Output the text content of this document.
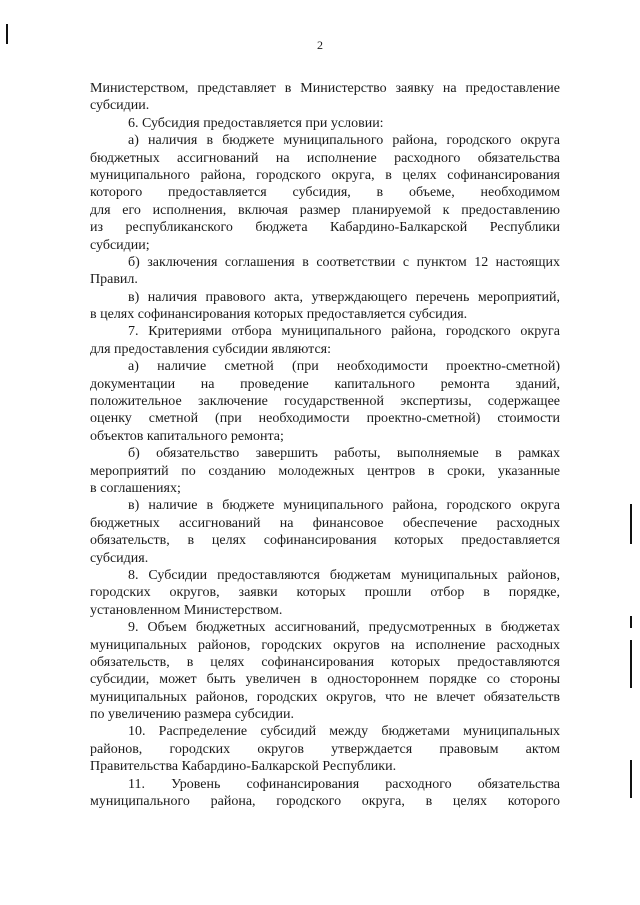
2
Министерством, представляет в Министерство заявку на предоставление
субсидии.
6. Субсидия предоставляется при условии:
а) наличия в бюджете муниципального района, городского округа
бюджетных ассигнований на исполнение расходного обязательства
муниципального района, городского округа, в целях софинансирования
которого предоставляется субсидия, в объеме, необходимом
для его исполнения, включая размер планируемой к предоставлению
из республиканского бюджета Кабардино-Балкарской Республики
субсидии;
б) заключения соглашения в соответствии с пунктом 12 настоящих
Правил.
в) наличия правового акта, утверждающего перечень мероприятий,
в целях софинансирования которых предоставляется субсидия.
7. Критериями отбора муниципального района, городского округа
для предоставления субсидии являются:
а) наличие сметной (при необходимости проектно-сметной)
документации на проведение капитального ремонта зданий,
положительное заключение государственной экспертизы, содержащее
оценку сметной (при необходимости проектно-сметной) стоимости
объектов капитального ремонта;
б) обязательство завершить работы, выполняемые в рамках
мероприятий по созданию молодежных центров в сроки, указанные
в соглашениях;
в) наличие в бюджете муниципального района, городского округа
бюджетных ассигнований на финансовое обеспечение расходных
обязательств, в целях софинансирования которых предоставляется
субсидия.
8. Субсидии предоставляются бюджетам муниципальных районов,
городских округов, заявки которых прошли отбор в порядке,
установленном Министерством.
9. Объем бюджетных ассигнований, предусмотренных в бюджетах
муниципальных районов, городских округов на исполнение расходных
обязательств, в целях софинансирования которых предоставляются
субсидии, может быть увеличен в одностороннем порядке со стороны
муниципальных районов, городских округов, что не влечет обязательств
по увеличению размера субсидии.
10. Распределение субсидий между бюджетами муниципальных
районов, городских округов утверждается правовым актом
Правительства Кабардино-Балкарской Республики.
11. Уровень софинансирования расходного обязательства
муниципального района, городского округа, в целях которого
